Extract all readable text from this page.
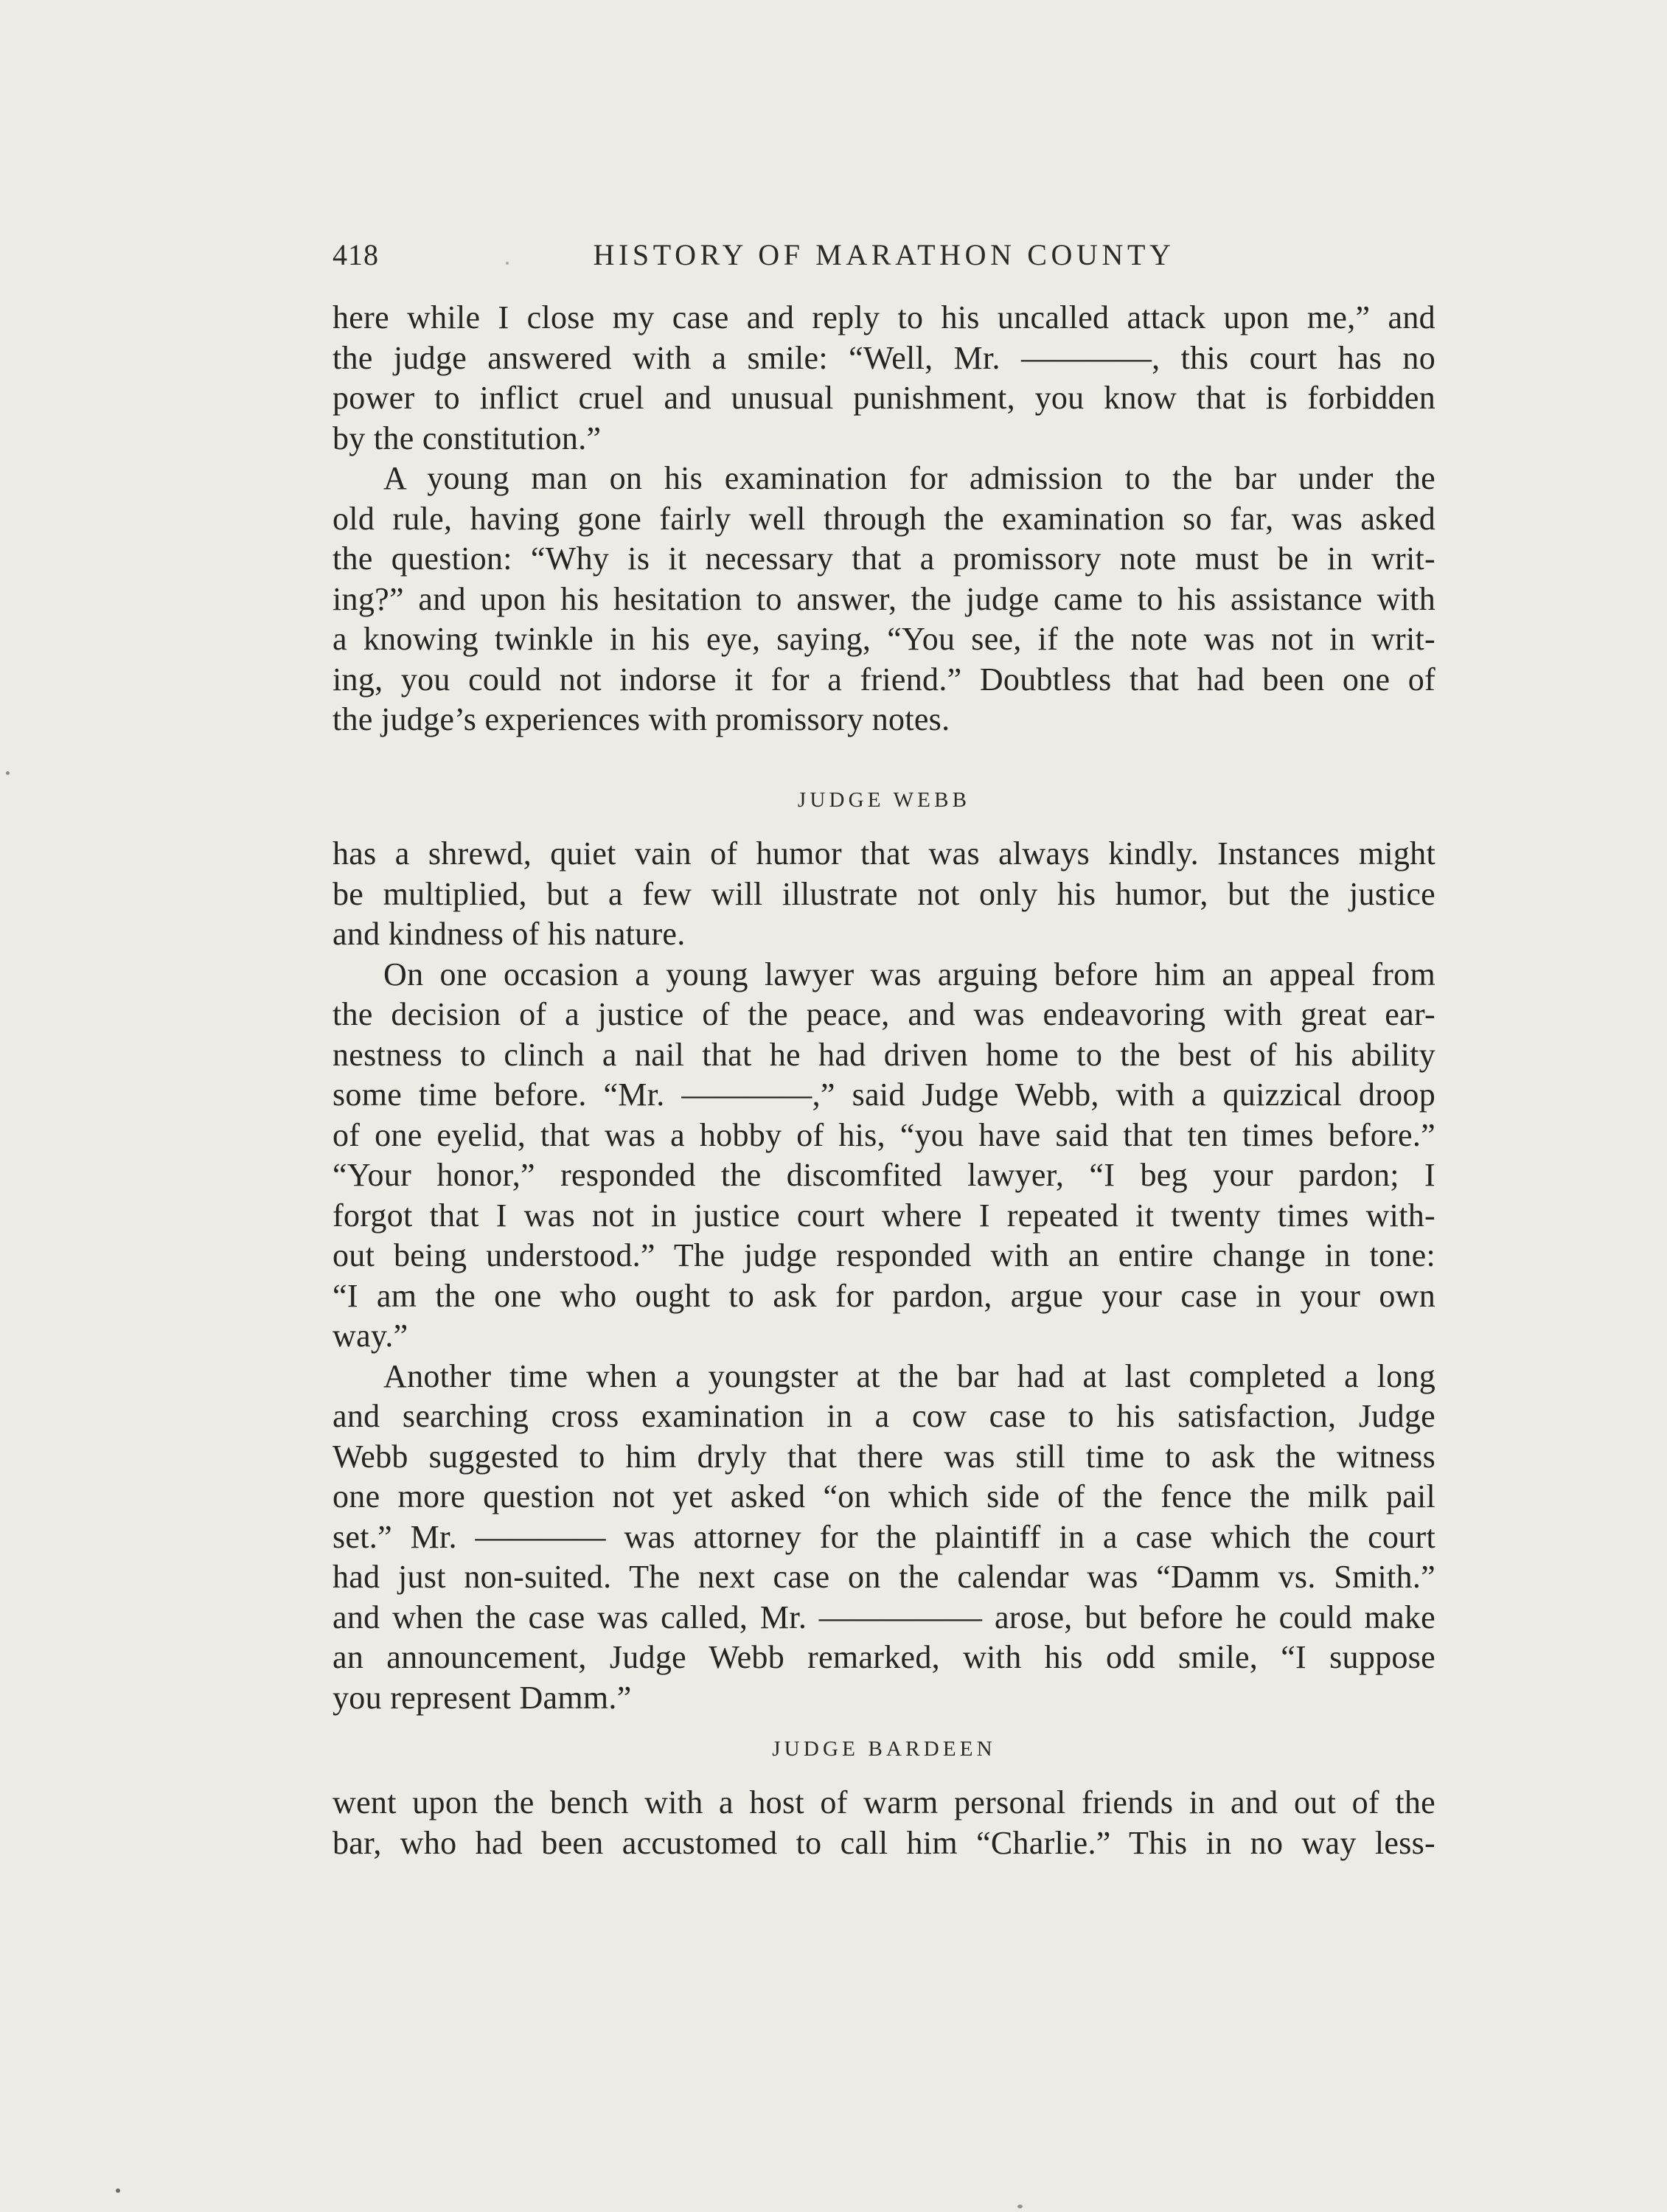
418	HISTORY OF MARATHON COUNTY
here while I close my case and reply to his uncalled attack upon me,” and
the judge answered with a smile: “Well, Mr. ————, this court has no
power to inflict cruel and unusual punishment, you know that is forbidden
by the constitution.”
A young man on his examination for admission to the bar under the
old rule, having gone fairly well through the examination so far, was asked
the question: “Why is it necessary that a promissory note must be in writ-
ing?” and upon his hesitation to answer, the judge came to his assistance with
a knowing twinkle in his eye, saying, “You see, if the note was not in writ-
ing, you could not indorse it for a friend.” Doubtless that had been one of
the judge’s experiences with promissory notes.
JUDGE WEBB
has a shrewd, quiet vain of humor that was always kindly. Instances might
be multiplied, but a few will illustrate not only his humor, but the justice
and kindness of his nature.
On one occasion a young lawyer was arguing before him an appeal from
the decision of a justice of the peace, and was endeavoring with great ear-
nestness to clinch a nail that he had driven home to the best of his ability
some time before. “Mr. ————,” said Judge Webb, with a quizzical droop
of one eyelid, that was a hobby of his, “you have said that ten times before.”
“Your honor,” responded the discomfited lawyer, “I beg your pardon; I
forgot that I was not in justice court where I repeated it twenty times with-
out being understood.” The judge responded with an entire change in tone:
“I am the one who ought to ask for pardon, argue your case in your own
way.”
Another time when a youngster at the bar had at last completed a long
and searching cross examination in a cow case to his satisfaction, Judge
Webb suggested to him dryly that there was still time to ask the witness
one more question not yet asked “on which side of the fence the milk pail
set.” Mr. ———— was attorney for the plaintiff in a case which the court
had just non-suited. The next case on the calendar was “Damm vs. Smith.”
and when the case was called, Mr. ————— arose, but before he could make
an announcement, Judge Webb remarked, with his odd smile, “I suppose
you represent Damm.”
JUDGE BARDEEN
went upon the bench with a host of warm personal friends in and out of the
bar, who had been accustomed to call him “Charlie.” This in no way less-
